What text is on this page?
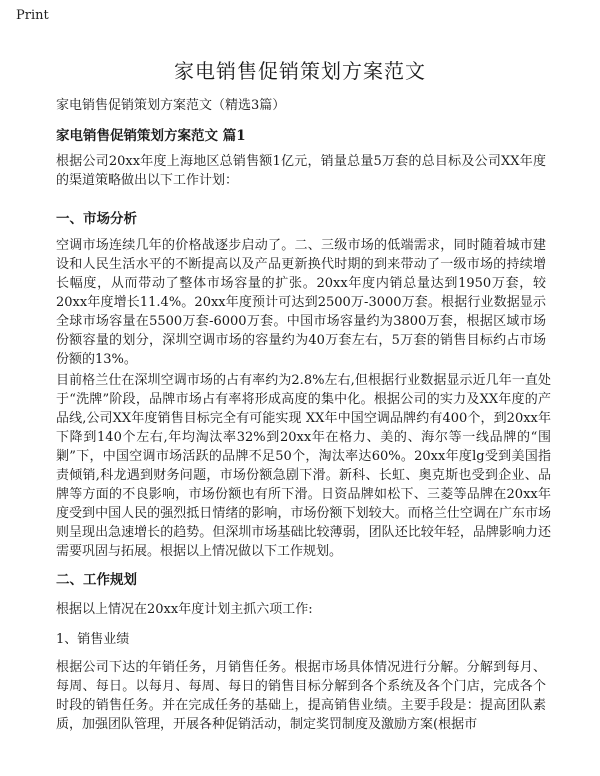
Print
家电销售促销策划方案范文
家电销售促销策划方案范文（精选3篇）
家电销售促销策划方案范文 篇1
根据公司20xx年度上海地区总销售额1亿元，销量总量5万套的总目标及公司XX年度的渠道策略做出以下工作计划：
一、市场分析
空调市场连续几年的价格战逐步启动了。二、三级市场的低端需求，同时随着城市建设和人民生活水平的不断提高以及产品更新换代时期的到来带动了一级市场的持续增长幅度，从而带动了整体市场容量的扩张。20xx年度内销总量达到1950万套，较20xx年度增长11.4%。20xx年度预计可达到2500万-3000万套。根据行业数据显示全球市场容量在5500万套-6000万套。中国市场容量约为3800万套，根据区域市场份额容量的划分，深圳空调市场的容量约为40万套左右，5万套的销售目标约占市场份额的13%。
目前格兰仕在深圳空调市场的占有率约为2.8%左右,但根据行业数据显示近几年一直处于“洗牌”阶段，品牌市场占有率将形成高度的集中化。根据公司的实力及XX年度的产品线,公司XX年度销售目标完全有可能实现 XX年中国空调品牌约有400个，到20xx年下降到140个左右,年均淘汰率32%到20xx年在格力、美的、海尔等一线品牌的“围剿”下，中国空调市场活跃的品牌不足50个，淘汰率达60%。20xx年度lg受到美国指责倾销,科龙遇到财务问题，市场份额急剧下滑。新科、长虹、奥克斯也受到企业、品牌等方面的不良影响，市场份额也有所下滑。日资品牌如松下、三菱等品牌在20xx年度受到中国人民的强烈抵日情绪的影响，市场份额下划较大。而格兰仕空调在广东市场则呈现出急速增长的趋势。但深圳市场基础比较薄弱，团队还比较年轻，品牌影响力还需要巩固与拓展。根据以上情况做以下工作规划。
二、工作规划
根据以上情况在20xx年度计划主抓六项工作:
1、销售业绩
根据公司下达的年销任务，月销售任务。根据市场具体情况进行分解。分解到每月、每周、每日。以每月、每周、每日的销售目标分解到各个系统及各个门店，完成各个时段的销售任务。并在完成任务的基础上，提高销售业绩。主要手段是：提高团队素质，加强团队管理，开展各种促销活动，制定奖罚制度及激励方案(根据市
